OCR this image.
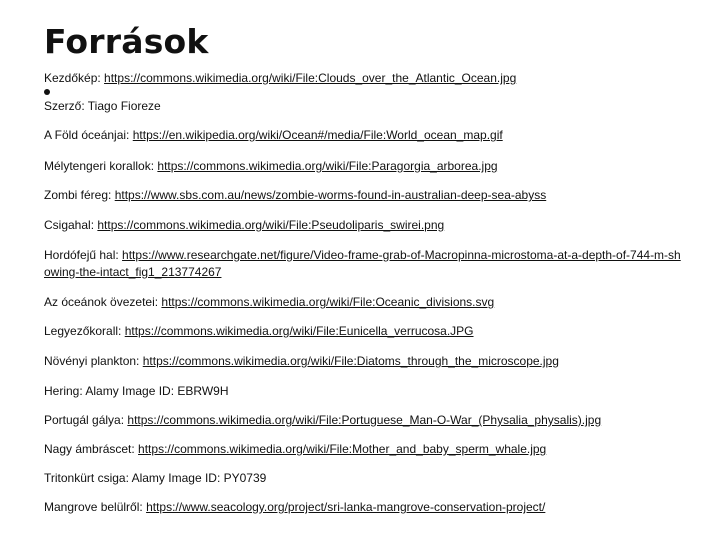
Források
Kezdőkép: https://commons.wikimedia.org/wiki/File:Clouds_over_the_Atlantic_Ocean.jpg
Szerző: Tiago Fioreze
A Föld óceánjai: https://en.wikipedia.org/wiki/Ocean#/media/File:World_ocean_map.gif
Mélytengeri korallok: https://commons.wikimedia.org/wiki/File:Paragorgia_arborea.jpg
Zombi féreg: https://www.sbs.com.au/news/zombie-worms-found-in-australian-deep-sea-abyss
Csigahal: https://commons.wikimedia.org/wiki/File:Pseudoliparis_swirei.png
Hordófejű hal: https://www.researchgate.net/figure/Video-frame-grab-of-Macropinna-microstoma-at-a-depth-of-744-m-showing-the-intact_fig1_213774267
Az óceánok övezetei: https://commons.wikimedia.org/wiki/File:Oceanic_divisions.svg
Legyezőkorall: https://commons.wikimedia.org/wiki/File:Eunicella_verrucosa.JPG
Növényi plankton: https://commons.wikimedia.org/wiki/File:Diatoms_through_the_microscope.jpg
Hering: Alamy Image ID: EBRW9H
Portugál gálya: https://commons.wikimedia.org/wiki/File:Portuguese_Man-O-War_(Physalia_physalis).jpg
Nagy ámbráscet: https://commons.wikimedia.org/wiki/File:Mother_and_baby_sperm_whale.jpg
Tritonkürt csiga: Alamy Image ID: PY0739
Mangrove belülről: https://www.seacology.org/project/sri-lanka-mangrove-conservation-project/
